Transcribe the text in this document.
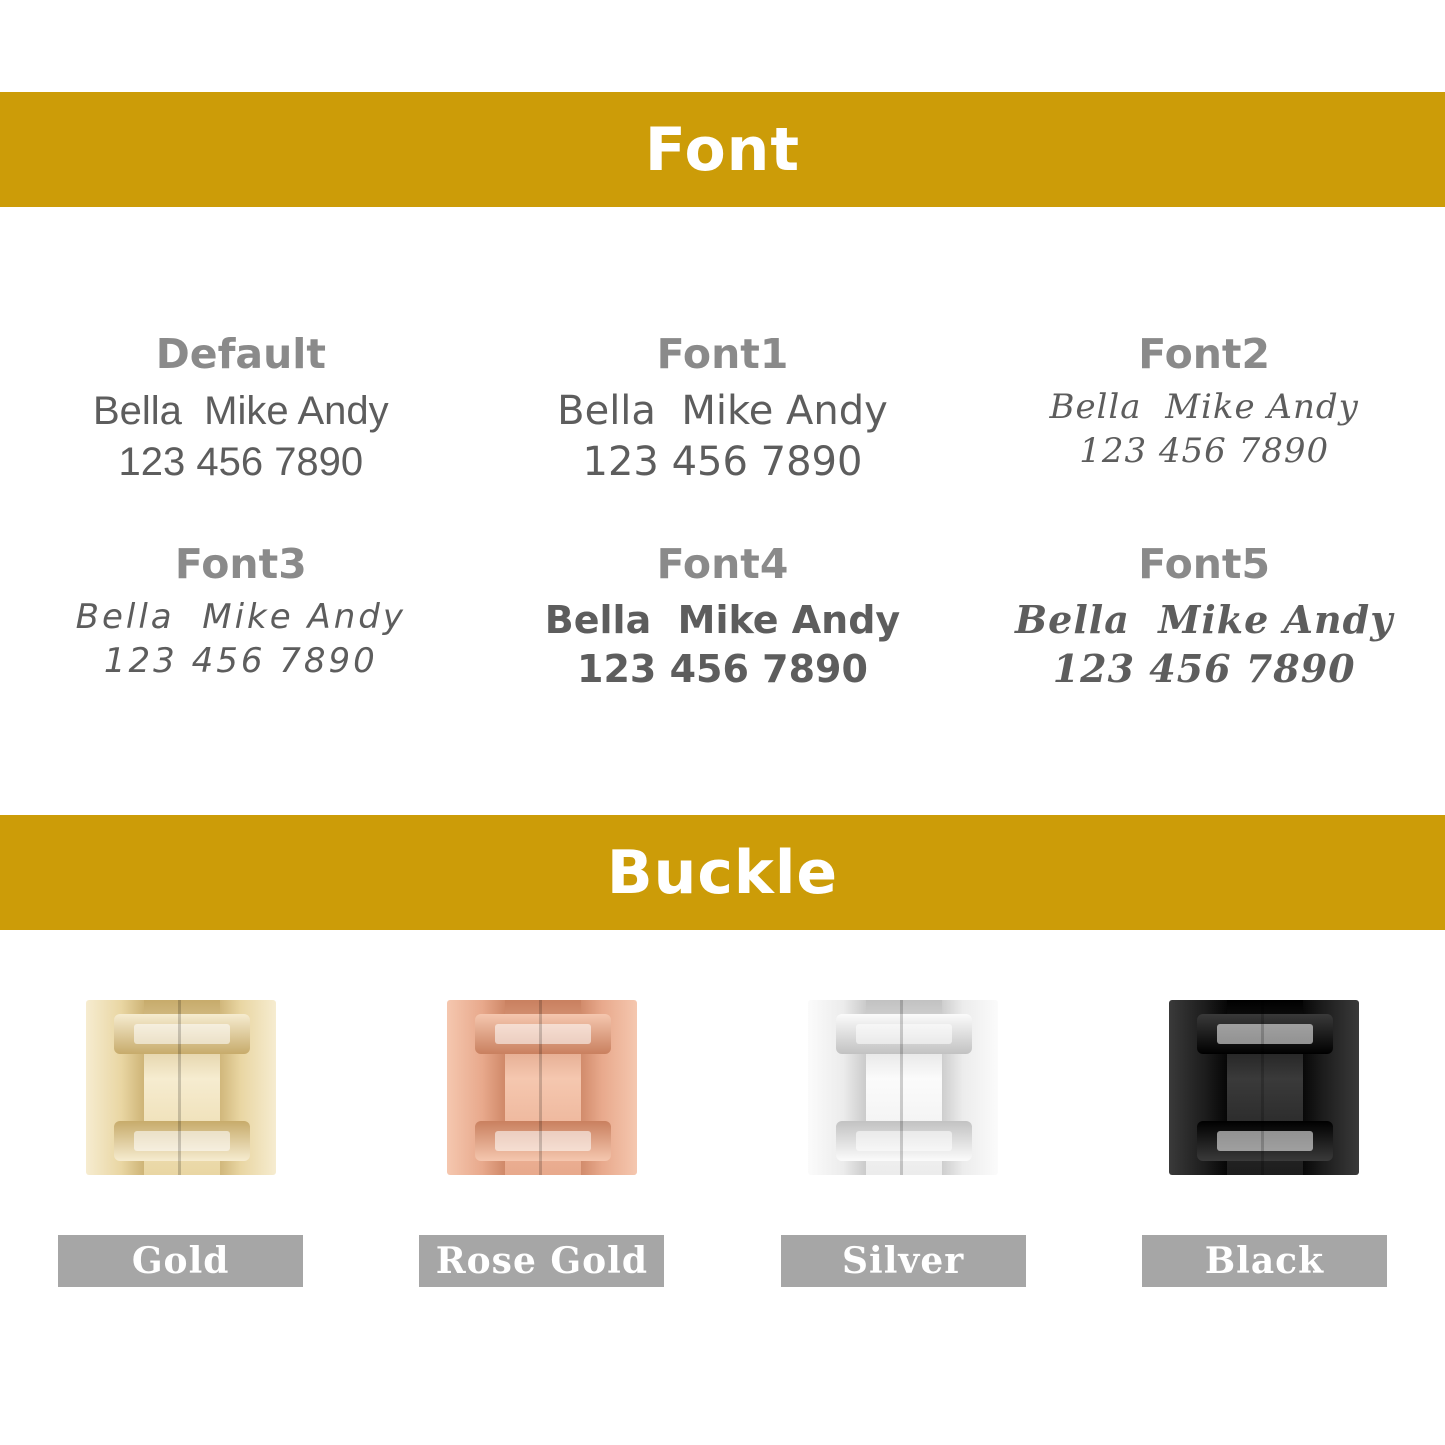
Font
Default
Bella  Mike Andy
123 456 7890
Font1
Bella  Mike Andy
123 456 7890
Font2
Bella  Mike Andy
123 456 7890
Font3
Bella  Mike Andy
123 456 7890
Font4
Bella  Mike Andy
123 456 7890
Font5
Bella  Mike Andy
123 456 7890
Buckle
Gold	Rose Gold	Silver	Black
